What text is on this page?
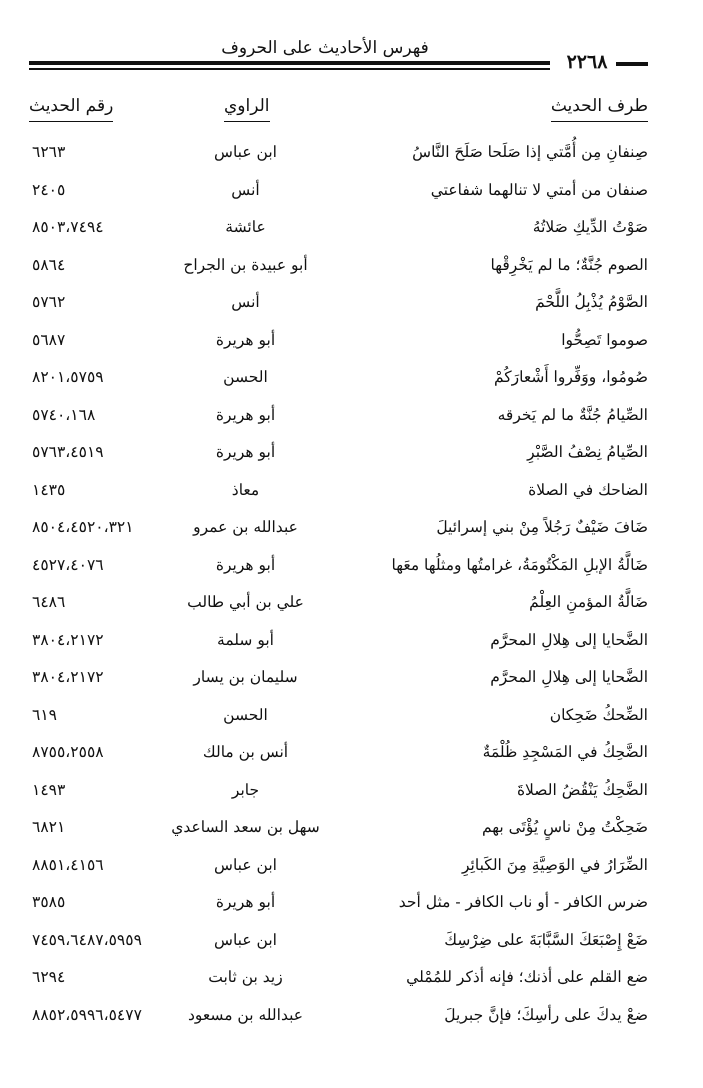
فهرس الأحاديث على الحروف
٢٢٦٨
طرف الحديث
الراوي
رقم الحديث
صِنفانِ مِن أُمَّتي إذا صَلَحا صَلَحَ النَّاسُ
ابن عباس
٦٢٦٣
صنفان من أمتي لا تنالهما شفاعتي
أنس
٢٤٠٥
صَوْتُ الدِّيكِ صَلاتُهُ
عائشة
٨٥٠٣،٧٤٩٤
الصوم جُنَّةٌ؛ ما لم يَخْرِقْها
أبو عبيدة بن الجراح
٥٨٦٤
الصَّوْمُ يُذْبِلُ اللَّحْمَ
أنس
٥٧٦٢
صوموا تَصِحُّوا
أبو هريرة
٥٦٨٧
صُومُوا، ووَفِّروا أَشْعارَكُمْ
الحسن
٨٢٠١،٥٧٥٩
الصِّيامُ جُنَّةٌ ما لم يَخرقه
أبو هريرة
٥٧٤٠،١٦٨
الصِّيامُ نِصْفُ الصَّبْرِ
أبو هريرة
٥٧٦٣،٤٥١٩
الضاحك في الصلاة
معاذ
١٤٣٥
ضَافَ ضَيْفٌ رَجُلاً مِنْ بني إسرائيلَ
عبدالله بن عمرو
٨٥٠٤،٤٥٢٠،٣٢١
ضَالَّةُ الإبلِ المَكْتُومَةُ، غرامتُها ومثلُها معَها
أبو هريرة
٤٥٢٧،٤٠٧٦
ضَالَّةُ المؤمنِ العِلْمُ
علي بن أبي طالب
٦٤٨٦
الضَّحايا إلى هِلالِ المحرَّم
أبو سلمة
٣٨٠٤،٢١٧٢
الضَّحايا إلى هِلالِ المحرَّم
سليمان بن يسار
٣٨٠٤،٢١٧٢
الضِّحكُ ضَحِكان
الحسن
٦١٩
الضَّحِكُ في المَسْجِدِ ظُلْمَةٌ
أنس بن مالك
٨٧٥٥،٢٥٥٨
الضَّحِكُ يَنْقُضُ الصلاةَ
جابر
١٤٩٣
ضَحِكْتُ مِنْ ناسٍ يُؤْتَى بهم
سهل بن سعد الساعدي
٦٨٢١
الضِّرَارُ في الوَصِيَّةِ مِنَ الكَبائِرِ
ابن عباس
٨٨٥١،٤١٥٦
ضرس الكافر - أو ناب الكافر - مثل أحد
أبو هريرة
٣٥٨٥
ضَعْ إِصْبَعَكَ السَّبَّابَةَ على ضِرْسِكَ
ابن عباس
٧٤٥٩،٦٤٨٧،٥٩٥٩
ضع القلم على أذنك؛ فإنه أذكر للمُمْلي
زيد بن ثابت
٦٢٩٤
ضعْ يدكَ على رأسِكَ؛ فإنَّ جبريلَ
عبدالله بن مسعود
٨٨٥٢،٥٩٩٦،٥٤٧٧
